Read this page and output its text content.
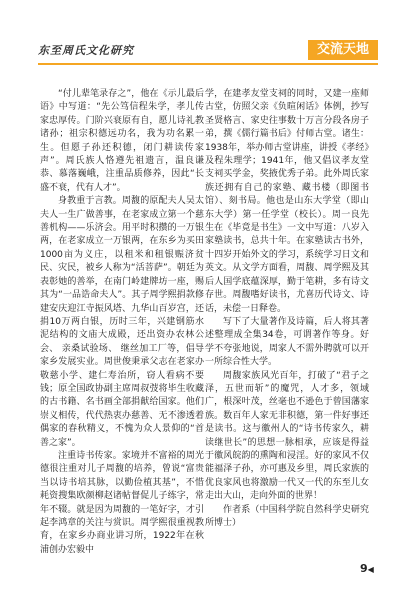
东至周氏文化研究	交流天地

“付儿辈笔录存之”，他在《示儿最后语》中写道：“先公笃信程朱学，孝儿传家忠厚传。门阶兴衰原有自，愿儿诗礼教诸孙；祖宗积德远功名，我为功名累一生。但愿子孙还积德，闭门耕读传家声”。周氏族人恪遵先祖遗言，温良谦恭、慕落巍峨，注重品质修养，因此“长盛不衰，代有人才”。

身教重于言教。周馥的原配夫人吴太夫人一生广做善事，在老家成立第一个慈善机构——乐济会。用平时积攒的一万银两，在老家成立一万银两，在东乡为买田1000亩为义庄，以租米和租银赈济贫民、灾民，被乡人称为“活菩萨”。朝廷为表彰她的善举，在南门岭建牌坊一座，赐其为“一品诰命夫人”。其子周学熙捐款修建安庆迎江寺振风塔、九华山百岁宫，还捐10万两白银，历时三年，兴建钢筋水泥结构的文庙大成殿，还出资办农林公会、 亲桑试验场、 继丝加工厂等，倡导家乡发展实业。周世俊秉承父志在老家办敬慈小学、建仁寿治所，窃人看病不要钱；原全国政协副主席周叔弢将毕生收藏的古书籍、名书画全部捐献给国家。他们崇义相传，代代热衷办慈善、无不渗透着偶家的春秋精义，不愧为众人景仰的“首善之家”。

注重诗书传家。家境并不富裕的周光德很注重对儿子周馥的培养，曾说“富贵当以诗书培其脉，以勤俭植其基”，不惜耗资搜集欧颜柳赵诸帖督促儿子练字，常年不辍。就是因为周馥的一笔好字，才引起李鸿章的关注与赏识。周学熙很重视教育，在家乡办商业讲习所，1922年在秋浦创办宏毅中

学，在建孝友堂支祠的同时，又建一座师古堂，仿照父亲《负暄闲话》体例，抄写圣贤格言、家史往事数十万言分段各房子弟，撰《儒行篇书后》付师古堂。诸生：1938年，举办师古堂讲座，讲授《孝经》及程朱理学；1941年，他又倡议孝友堂支祠买学金，奖掖优秀子弟。此外周氏家族还拥有自己的家塾、藏书楼（即图书馆）、刻书局。他也是山东大学堂（即山东大学）第一任学堂（校长）。周一良先生在《毕竟是书生》一文中写道：八岁入家塾读书，总共十年。在家塾读古书外，十四岁开始外文的学习，系统学习日文和英文。从文学方面看，周馥、周学熙及其后人国学底蕴深厚，勤于笔耕，多有诗文存世。周馥嗜好读书，尤喜历代诗文、诗话，未偿一日释卷。

写下了大量著作及诗篇，后人将其著述整理成全集34卷，可谓著作等身。好学不夸张地说，周家人不需外聘就可以开一所综合性大学。

周馥家族风光百年，打破了“君子之泽，五世而斩”的魔咒，人才多，领域广，根深叶茂，丝毫也不逊色于曾国藩家族。数百年人家无非积德，第一件好事还是读书。这与徽州人的“诗书传家久，耕读继世长”的思想一脉相承，应该是得益于徽风皖韵的熏陶和浸淫。好的家风不仅能福泽子孙，亦可惠及乡里，周氏家族的优良家风也将激励一代又一代的东至儿女走出大山，走向外面的世界！

作者系（中国科学院自然科学史研究所博士）

9◀
